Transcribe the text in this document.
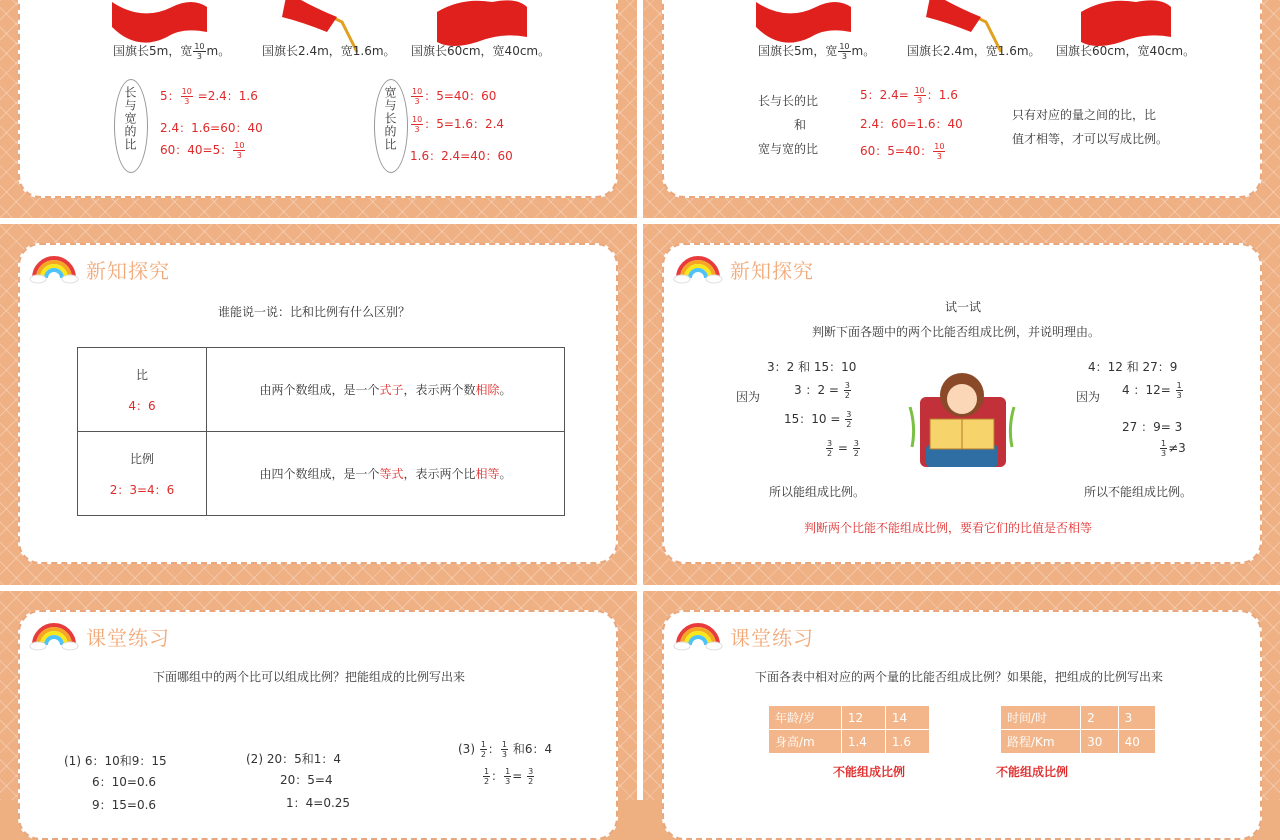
国旗长5m，宽 $\frac{10}{3}$ m。	国旗长2.4m，宽1.6m。 国旗长60cm，宽40cm。
长与宽的比 5： $\frac{10}{3} =2.4$：1.6
2.4：1.6=60：40
60：40=5： $\frac{10}{3}$	宽与长的比 $\frac{10}{3}$ ：5=40：60
$\frac{10}{3}$ ：5=1.6：2.4
1.6：2.4=40：60
国旗长5m，宽 $\frac{10}{3}$ m。	国旗长2.4m，宽1.6m。 国旗长60cm，宽40cm。
长与长的比
和
宽与宽的比
5：$2.4= \frac{10}{3}$ ：1.6
2.4：60=1.6：40
60：5=40： $\frac{10}{3}$
只有对应的量之间的比，比
值才相等，才可以写成比例。
新知探究
谁能说一说：比和比例有什么区别？
比
4：6	由两个数组成，是一个式子，表示两个数相除。

比例
2：3=4：6	由四个数组成，是一个等式，表示两个比相等。
新知探究
试一试
判断下面各题中的两个比能否组成比例，并说明理由。
3：2 和 15：10
因为	3 ：$2 = \frac{3}{2}$
15：$10 = \frac{3}{2}$
$\frac{3}{2} = \frac{3}{2}$
所以能组成比例。
4：12 和 27：9
因为 4 ：$12= \frac{1}{3}$
27 ：9= 3
$\frac{1}{3} \ne 3$
所以不能组成比例。
判断两个比能不能组成比例，要看它们的比值是否相等
课堂练习
下面哪组中的两个比可以组成比例？把能组成的比例写出来
(1) 6：10和9：15
6：10=0.6
9：15=0.6
(2) 20：5和1：4
20：5=4
1：4=0.25
$(3) \frac{1}{2}$ ： $\frac{1}{3}$ 和6：4
$\frac{1}{2}$ ： $\frac{1}{3} = \frac{3}{2}$
课堂练习
下面各表中相对应的两个量的比能否组成比例？如果能，把组成的比例写出来
年龄/岁	12	14
身高/m	1.4	1.6
不能组成比例
时间/时	2	3
路程/Km	30	40
不能组成比例
